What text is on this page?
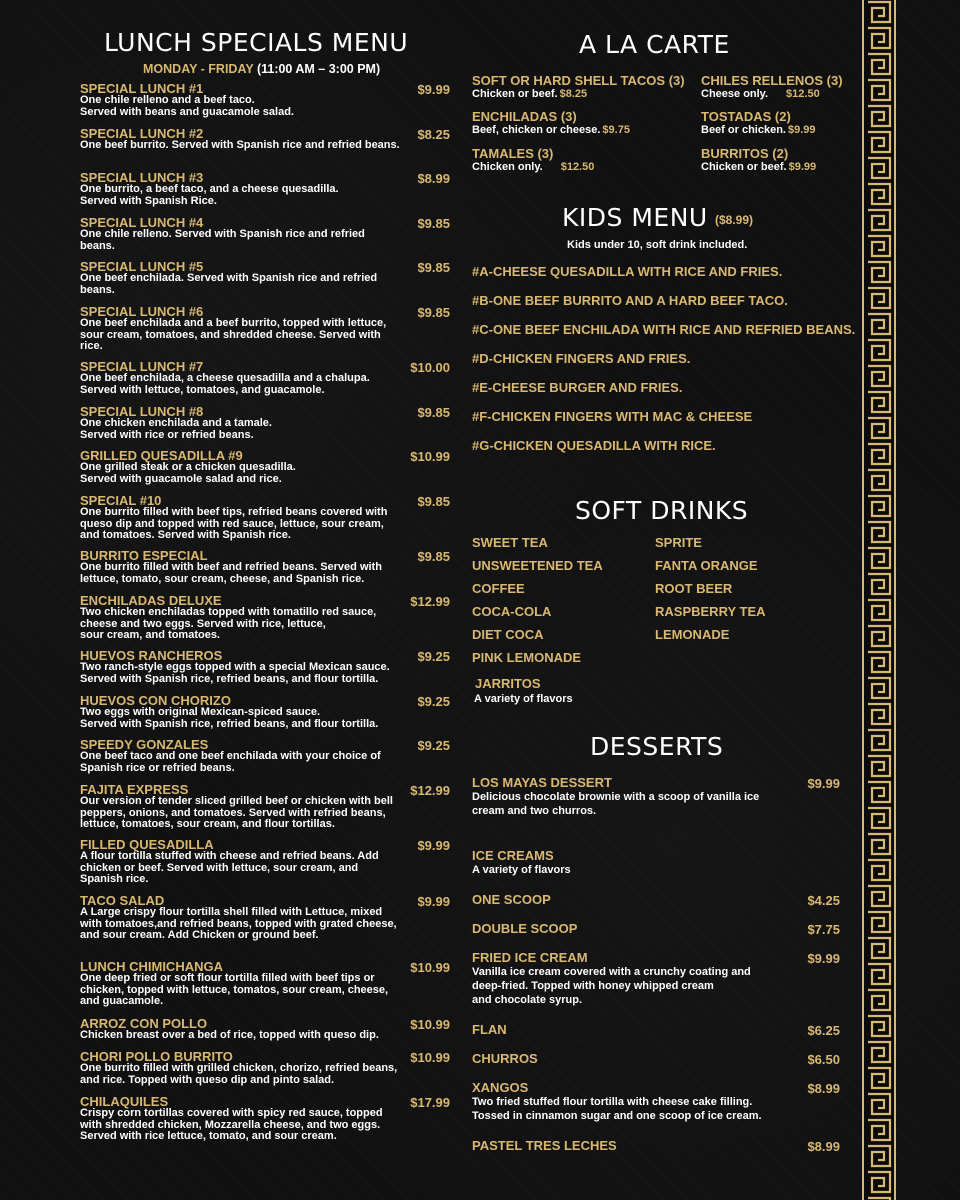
LUNCH SPECIALS MENU
MONDAY - FRIDAY (11:00 AM – 3:00 PM)
SPECIAL LUNCH #1	$9.99
One chile relleno and a beef taco.
Served with beans and guacamole salad.
SPECIAL LUNCH #2	$8.25
One beef burrito. Served with Spanish rice and refried beans.
SPECIAL LUNCH #3	$8.99
One burrito, a beef taco, and a cheese quesadilla.
Served with Spanish Rice.
SPECIAL LUNCH #4	$9.85
One chile relleno. Served with Spanish rice and refried beans.
SPECIAL LUNCH #5	$9.85
One beef enchilada. Served with Spanish rice and refried beans.
SPECIAL LUNCH #6	$9.85
One beef enchilada and a beef burrito, topped with lettuce, sour cream, tomatoes, and shredded cheese. Served with rice.
SPECIAL LUNCH #7	$10.00
One beef enchilada, a cheese quesadilla and a chalupa. Served with lettuce, tomatoes, and guacamole.
SPECIAL LUNCH #8	$9.85
One chicken enchilada and a tamale.
Served with rice or refried beans.
GRILLED QUESADILLA #9	$10.99
One grilled steak or a chicken quesadilla.
Served with guacamole salad and rice.
SPECIAL #10	$9.85
One burrito filled with beef tips, refried beans covered with queso dip and topped with red sauce, lettuce, sour cream, and tomatoes. Served with Spanish rice.
BURRITO ESPECIAL	$9.85
One burrito filled with beef and refried beans. Served with lettuce, tomato, sour cream, cheese, and Spanish rice.
ENCHILADAS DELUXE	$12.99
Two chicken enchiladas topped with tomatillo red sauce, cheese and two eggs. Served with rice, lettuce,
sour cream, and tomatoes.
HUEVOS RANCHEROS	$9.25
Two ranch-style eggs topped with a special Mexican sauce. Served with Spanish rice, refried beans, and flour tortilla.
HUEVOS CON CHORIZO	$9.25
Two eggs with original Mexican-spiced sauce.
Served with Spanish rice, refried beans, and flour tortilla.
SPEEDY GONZALES	$9.25
One beef taco and one beef enchilada with your choice of Spanish rice or refried beans.
FAJITA EXPRESS	$12.99
Our version of tender sliced grilled beef or chicken with bell peppers, onions, and tomatoes. Served with refried beans, lettuce, tomatoes, sour cream, and flour tortillas.
FILLED QUESADILLA	$9.99
A flour tortilla stuffed with cheese and refried beans. Add chicken or beef. Served with lettuce, sour cream, and Spanish rice.
TACO SALAD	$9.99
A Large crispy flour tortilla shell filled with Lettuce, mixed with tomatoes,and refried beans, topped with grated cheese, and sour cream. Add Chicken or ground beef.
LUNCH CHIMICHANGA	$10.99
One deep fried or soft flour tortilla filled with beef tips or chicken, topped with lettuce, tomatos, sour cream, cheese, and guacamole.
ARROZ CON POLLO	$10.99
Chicken breast over a bed of rice, topped with queso dip.
CHORI POLLO BURRITO	$10.99
One burrito filled with grilled chicken, chorizo, refried beans, and rice. Topped with queso dip and pinto salad.
CHILAQUILES	$17.99
Crispy corn tortillas covered with spicy red sauce, topped with shredded chicken, Mozzarella cheese, and two eggs. Served with rice lettuce, tomato, and sour cream.
A LA CARTE
SOFT OR HARD SHELL TACOS (3)
Chicken or beef. $8.25
CHILES RELLENOS (3)
Cheese only. $12.50
ENCHILADAS (3)
Beef, chicken or cheese. $9.75
TOSTADAS (2)
Beef or chicken. $9.99
TAMALES (3)
Chicken only. $12.50
BURRITOS (2)
Chicken or beef. $9.99
KIDS MENU ($8.99)
Kids under 10, soft drink included.
#A-CHEESE QUESADILLA WITH RICE AND FRIES.
#B-ONE BEEF BURRITO AND A HARD BEEF TACO.
#C-ONE BEEF ENCHILADA WITH RICE AND REFRIED BEANS.
#D-CHICKEN FINGERS AND FRIES.
#E-CHEESE BURGER AND FRIES.
#F-CHICKEN FINGERS WITH MAC & CHEESE
#G-CHICKEN QUESADILLA WITH RICE.
SOFT DRINKS
SWEET TEA
UNSWEETENED TEA
COFFEE
COCA-COLA
DIET COCA
PINK LEMONADE
SPRITE
FANTA ORANGE
ROOT BEER
RASPBERRY TEA
LEMONADE
JARRITOS
A variety of flavors
DESSERTS
LOS MAYAS DESSERT	$9.99
Delicious chocolate brownie with a scoop of vanilla ice cream and two churros.
ICE CREAMS
A variety of flavors
ONE SCOOP	$4.25
DOUBLE SCOOP	$7.75
FRIED ICE CREAM	$9.99
Vanilla ice cream covered with a crunchy coating and deep-fried. Topped with honey whipped cream
and chocolate syrup.
FLAN	$6.25
CHURROS	$6.50
XANGOS	$8.99
Two fried stuffed flour tortilla with cheese cake filling. Tossed in cinnamon sugar and one scoop of ice cream.
PASTEL TRES LECHES	$8.99
